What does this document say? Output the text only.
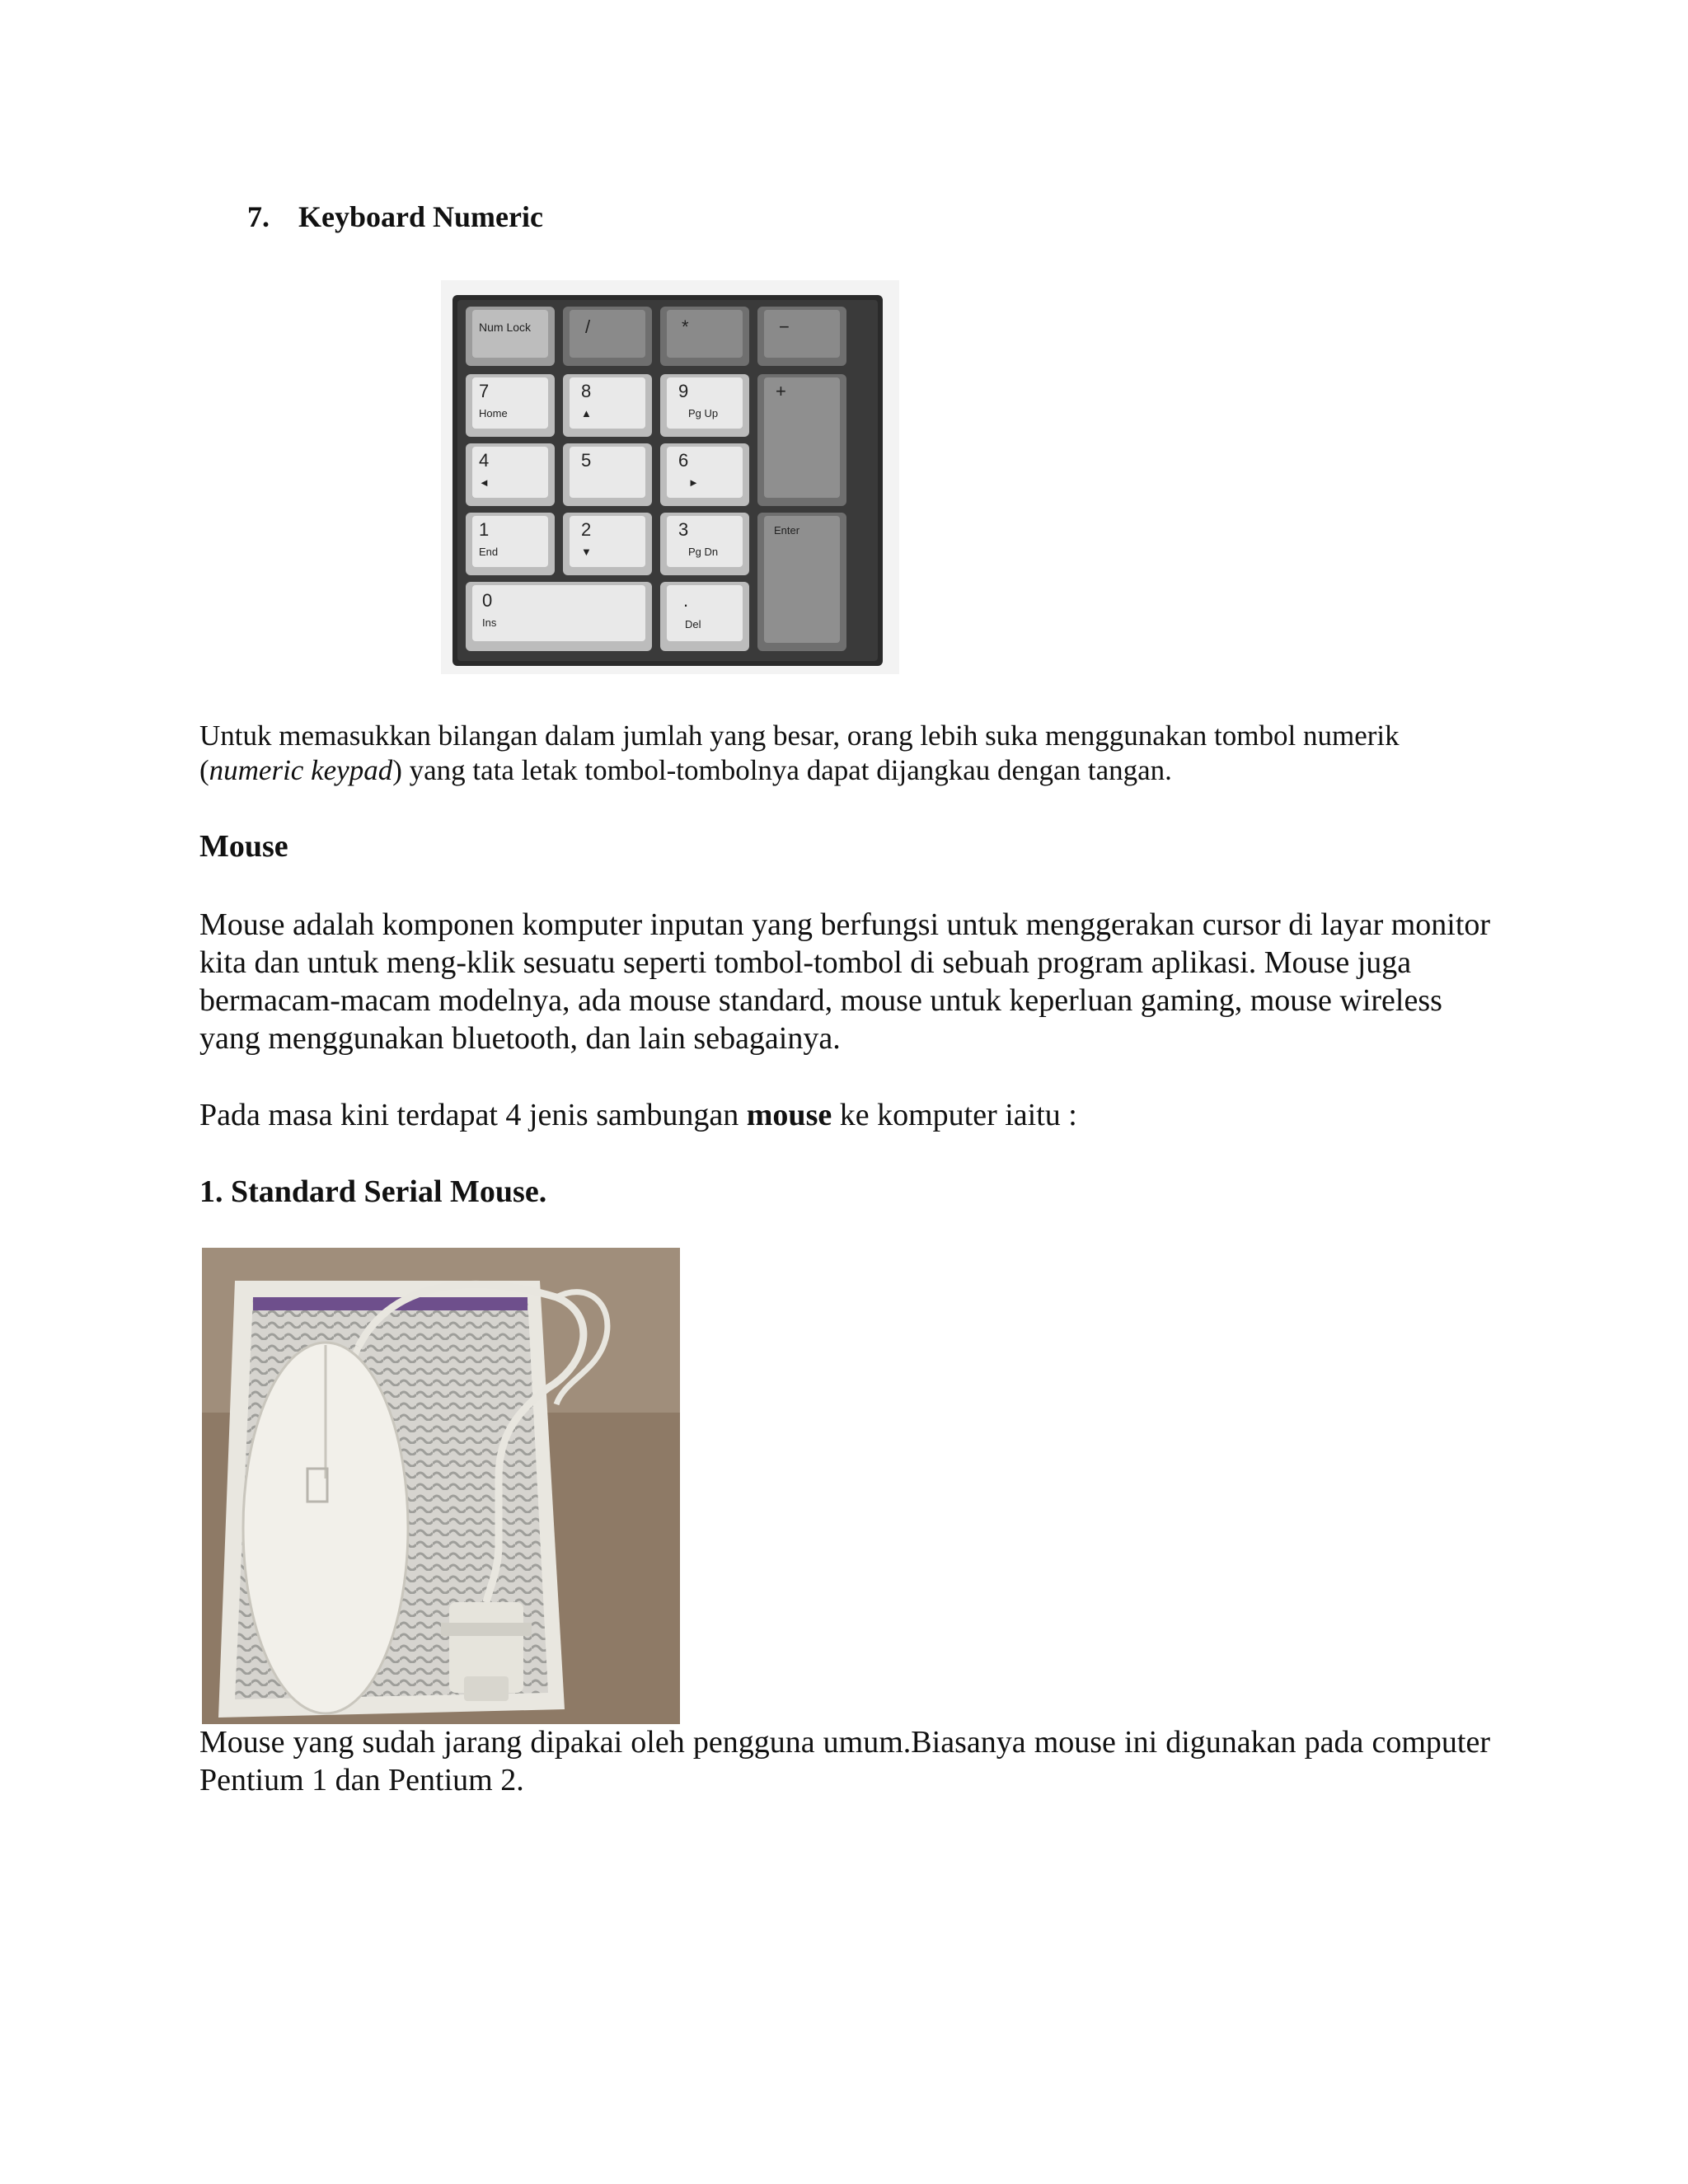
7. Keyboard Numeric
Num Lock	/	*	−
7
Home
8
▲
9
Pg Up
+
4
◄
5	6
►
1
End
2
▼
3
Pg Dn
Enter
0
Ins
.
Del
Untuk memasukkan bilangan dalam jumlah yang besar, orang lebih suka menggunakan tombol numerik (numeric keypad) yang tata letak tombol-tombolnya dapat dijangkau dengan tangan.
Mouse
Mouse adalah komponen komputer inputan yang berfungsi untuk menggerakan cursor di layar monitor kita dan untuk meng-klik sesuatu seperti tombol-tombol di sebuah program aplikasi. Mouse juga bermacam-macam modelnya, ada mouse standard, mouse untuk keperluan gaming, mouse wireless yang menggunakan bluetooth, dan lain sebagainya.
Pada masa kini terdapat 4 jenis sambungan mouse ke komputer iaitu :
1. Standard Serial Mouse.
Mouse yang sudah jarang dipakai oleh pengguna umum.Biasanya mouse ini digunakan pada computer Pentium 1 dan Pentium 2.
